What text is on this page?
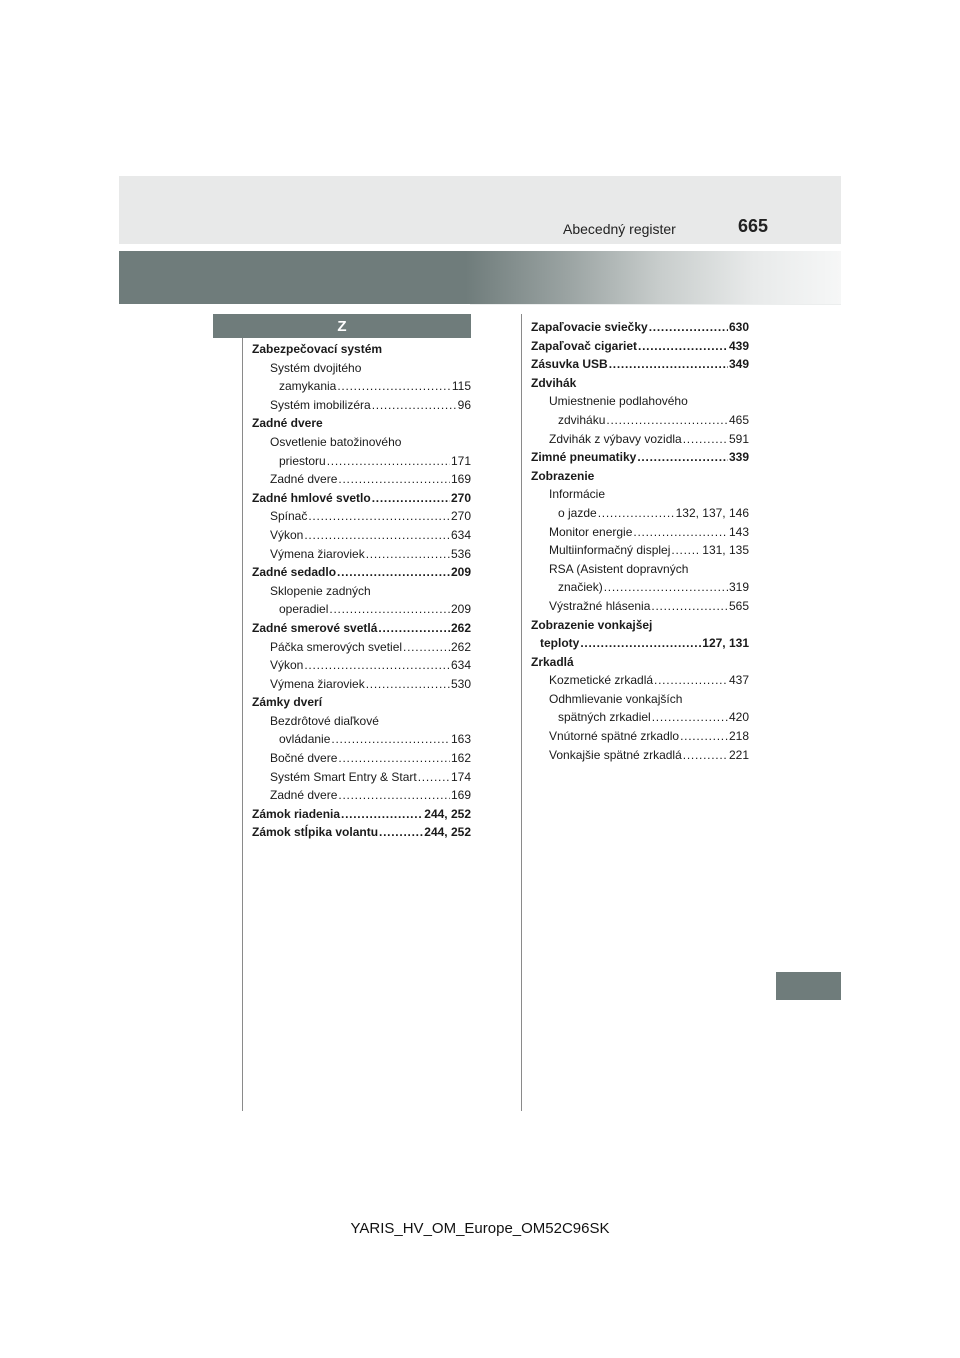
Abecedný register	665
Z
Zabezpečovací systém
Systém dvojitého
zamykania . . .	115
Systém imobilizéra . . .	96
Zadné dvere
Osvetlenie batožinového
priestoru . . .	171
Zadné dvere . . .	169
Zadné hmlové svetlo . . .	270
Spínač . . .	270
Výkon . . .	634
Výmena žiaroviek . . .	536
Zadné sedadlo . . .	209
Sklopenie zadných
operadiel . . .	209
Zadné smerové svetlá . . .	262
Páčka smerových svetiel . . .	262
Výkon . . .	634
Výmena žiaroviek . . .	530
Zámky dverí
Bezdrôtové diaľkové
ovládanie . . .	163
Bočné dvere . . .	162
Systém Smart Entry & Start . . .	174
Zadné dvere . . .	169
Zámok riadenia . . .	244, 252
Zámok stĺpika volantu . . .	244, 252
Zapaľovacie sviečky . . .	630
Zapaľovač cigariet . . .	439
Zásuvka USB . . .	349
Zdvihák
Umiestnenie podlahového
zdviháku . . .	465
Zdvihák z výbavy vozidla . . .	591
Zimné pneumatiky . . .	339
Zobrazenie
Informácie
o jazde . . .	132, 137, 146
Monitor energie . . .	143
Multiinformačný displej . . .	131, 135
RSA (Asistent dopravných
značiek) . . .	319
Výstražné hlásenia . . .	565
Zobrazenie vonkajšej
teploty . . .	127, 131
Zrkadlá
Kozmetické zrkadlá . . .	437
Odhmlievanie vonkajších
spätných zrkadiel . . .	420
Vnútorné spätné zrkadlo . . .	218
Vonkajšie spätné zrkadlá . . .	221
YARIS_HV_OM_Europe_OM52C96SK
